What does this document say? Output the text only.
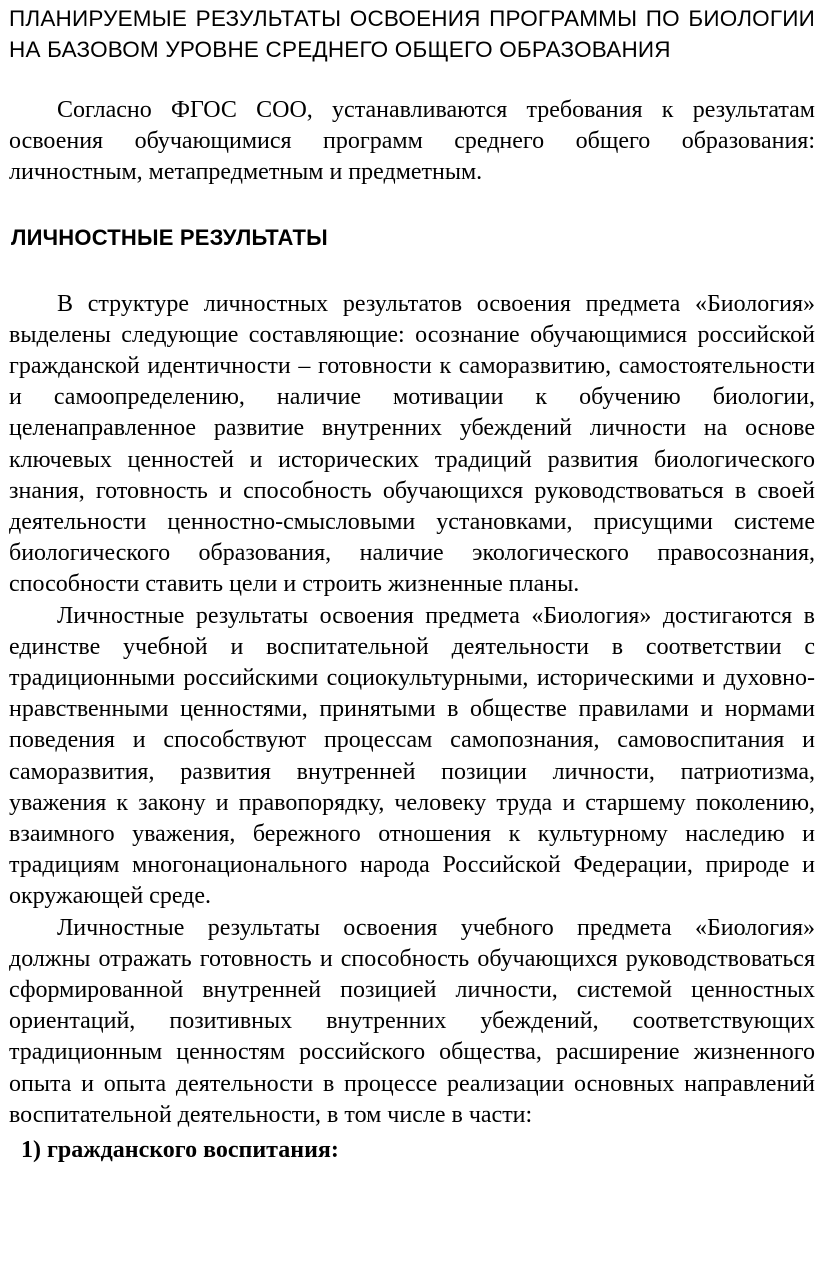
ПЛАНИРУЕМЫЕ РЕЗУЛЬТАТЫ ОСВОЕНИЯ ПРОГРАММЫ ПО БИОЛОГИИ НА БАЗОВОМ УРОВНЕ СРЕДНЕГО ОБЩЕГО ОБРАЗОВАНИЯ

Согласно ФГОС СОО, устанавливаются требования к результатам освоения обучающимися программ среднего общего образования: личностным, метапредметным и предметным.

ЛИЧНОСТНЫЕ РЕЗУЛЬТАТЫ

В структуре личностных результатов освоения предмета «Биология» выделены следующие составляющие: осознание обучающимися российской гражданской идентичности – готовности к саморазвитию, самостоятельности и самоопределению, наличие мотивации к обучению биологии, целенаправленное развитие внутренних убеждений личности на основе ключевых ценностей и исторических традиций развития биологического знания, готовность и способность обучающихся руководствоваться в своей деятельности ценностно-смысловыми установками, присущими системе биологического образования, наличие экологического правосознания, способности ставить цели и строить жизненные планы.

Личностные результаты освоения предмета «Биология» достигаются в единстве учебной и воспитательной деятельности в соответствии с традиционными российскими социокультурными, историческими и духовно-нравственными ценностями, принятыми в обществе правилами и нормами поведения и способствуют процессам самопознания, самовоспитания и саморазвития, развития внутренней позиции личности, патриотизма, уважения к закону и правопорядку, человеку труда и старшему поколению, взаимного уважения, бережного отношения к культурному наследию и традициям многонационального народа Российской Федерации, природе и окружающей среде.

Личностные результаты освоения учебного предмета «Биология» должны отражать готовность и способность обучающихся руководствоваться сформированной внутренней позицией личности, системой ценностных ориентаций, позитивных внутренних убеждений, соответствующих традиционным ценностям российского общества, расширение жизненного опыта и опыта деятельности в процессе реализации основных направлений воспитательной деятельности, в том числе в части:

1) гражданского воспитания:
